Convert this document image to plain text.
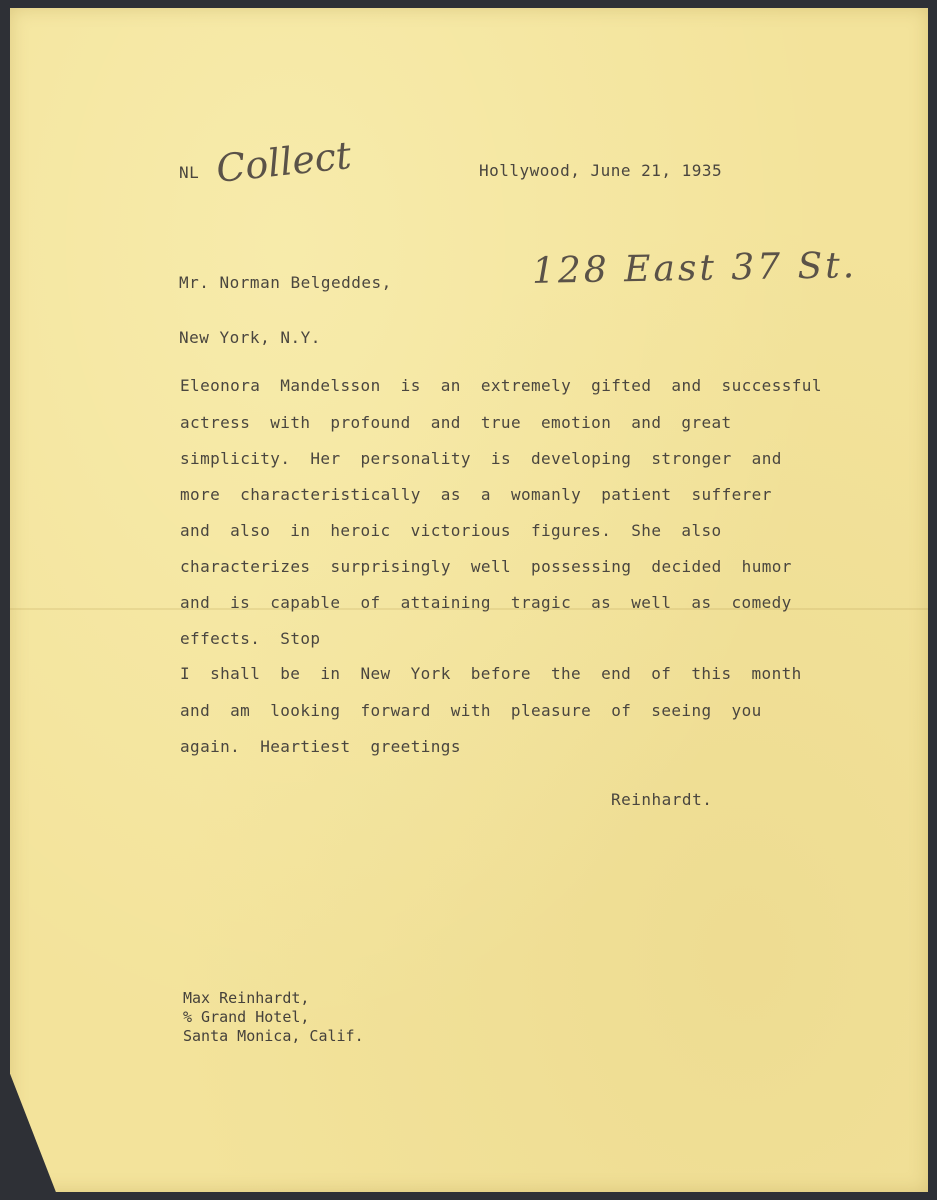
NL Collect	Hollywood, June 21, 1935
Mr. Norman Belgeddes,	128 East 37 St.
New York, N.Y.
Eleonora Mandelsson is an extremely gifted and successful
actress with profound and true emotion and great
simplicity. Her personality is developing stronger and
more characteristically as a womanly patient sufferer
and also in heroic victorious figures. She also
characterizes surprisingly well possessing decided humor
and is capable of attaining tragic as well as comedy
effects. Stop
I shall be in New York before the end of this month
and am looking forward with pleasure of seeing you
again. Heartiest greetings
Reinhardt.
Max Reinhardt,
% Grand Hotel,
Santa Monica, Calif.
